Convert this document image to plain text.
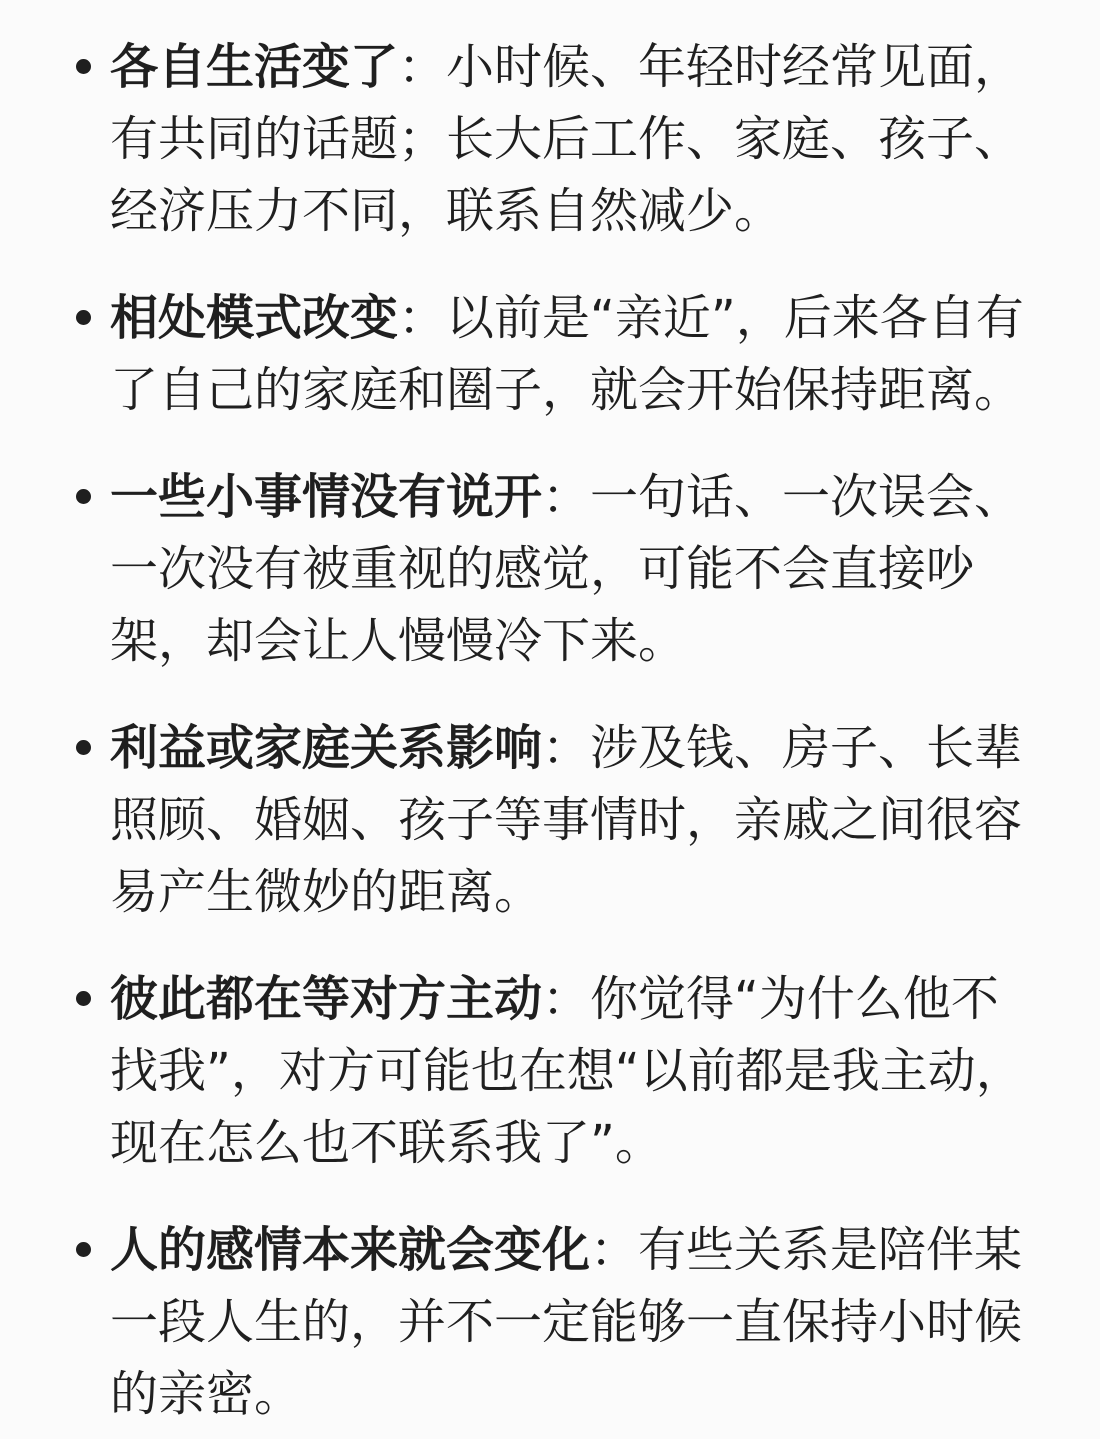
各自生活变了：小时候、年轻时经常见面，有共同的话题；长大后工作、家庭、孩子、经济压力不同，联系自然减少。
相处模式改变：以前是“亲近”，后来各自有了自己的家庭和圈子，就会开始保持距离。
一些小事情没有说开：一句话、一次误会、一次没有被重视的感觉，可能不会直接吵架，却会让人慢慢冷下来。
利益或家庭关系影响：涉及钱、房子、长辈照顾、婚姻、孩子等事情时，亲戚之间很容易产生微妙的距离。
彼此都在等对方主动：你觉得“为什么他不找我”，对方可能也在想“以前都是我主动，现在怎么也不联系我了”。
人的感情本来就会变化：有些关系是陪伴某一段人生的，并不一定能够一直保持小时候的亲密。
